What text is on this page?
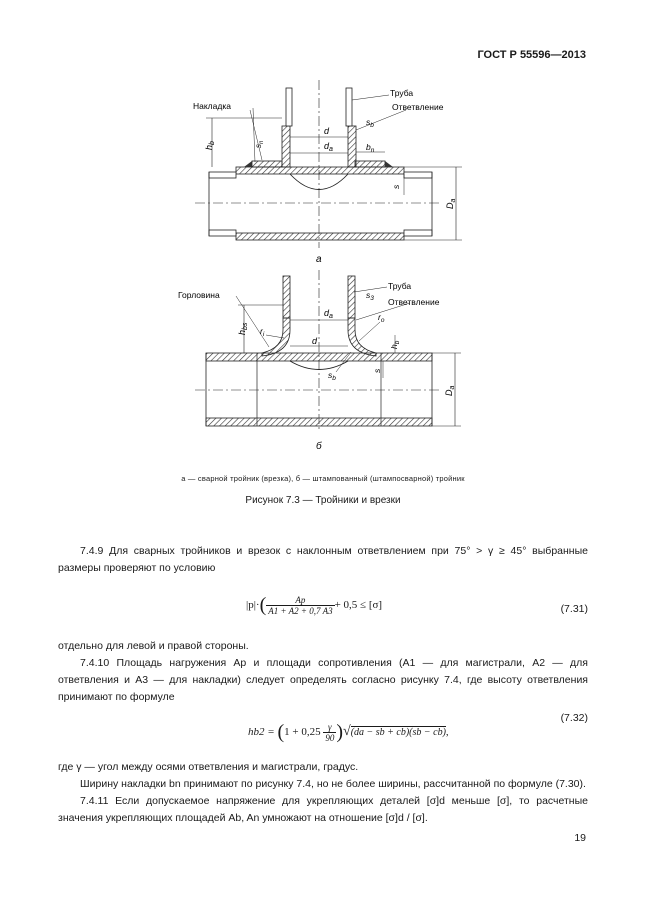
ГОСТ Р 55596—2013
Труба
Ответвление
Накладка
$h_b$
$s_n$
d
$d_a$
$s_b$
$b_n$
s
$D_a$
а
Труба
Ответвление
Горловина
$h_{bs}$ $r_i$
$s_3$
$d_a$	$r_o$
d
$h_b$
$s_b$
s
$D_a$
б
а — сварной тройник (врезка), б — штампованный (штампосварной) тройник
Рисунок 7.3 — Тройники и врезки
7.4.9 Для сварных тройников и врезок с наклонным ответвлением при 75° > γ ≥ 45° выбранные размеры проверяют по условию
$|p|\cdot( \frac{Ap}{A1 + A2 + 0,7 A3} + 0,5 \le [\sigma]$	(7.31)
отдельно для левой и правой стороны.
7.4.10 Площадь нагружения Ap и площади сопротивления (A1 — для магистрали, A2 — для ответвления и A3 — для накладки) следует определять согласно рисунку 7.4, где высоту ответвления принимают по формуле
$hb2 = (1 + 0,25 \frac{\gamma}{90} )√(da$ − sb + cb)(sb − cb),
(7.32)
где γ — угол между осями ответвления и магистрали, градус.
Ширину накладки bn принимают по рисунку 7.4, но не более ширины, рассчитанной по формуле (7.30).
7.4.11 Если допускаемое напряжение для укрепляющих деталей [σ]d меньше [σ], то расчетные значения укрепляющих площадей Ab, An умножают на отношение [σ]d / [σ].
19
